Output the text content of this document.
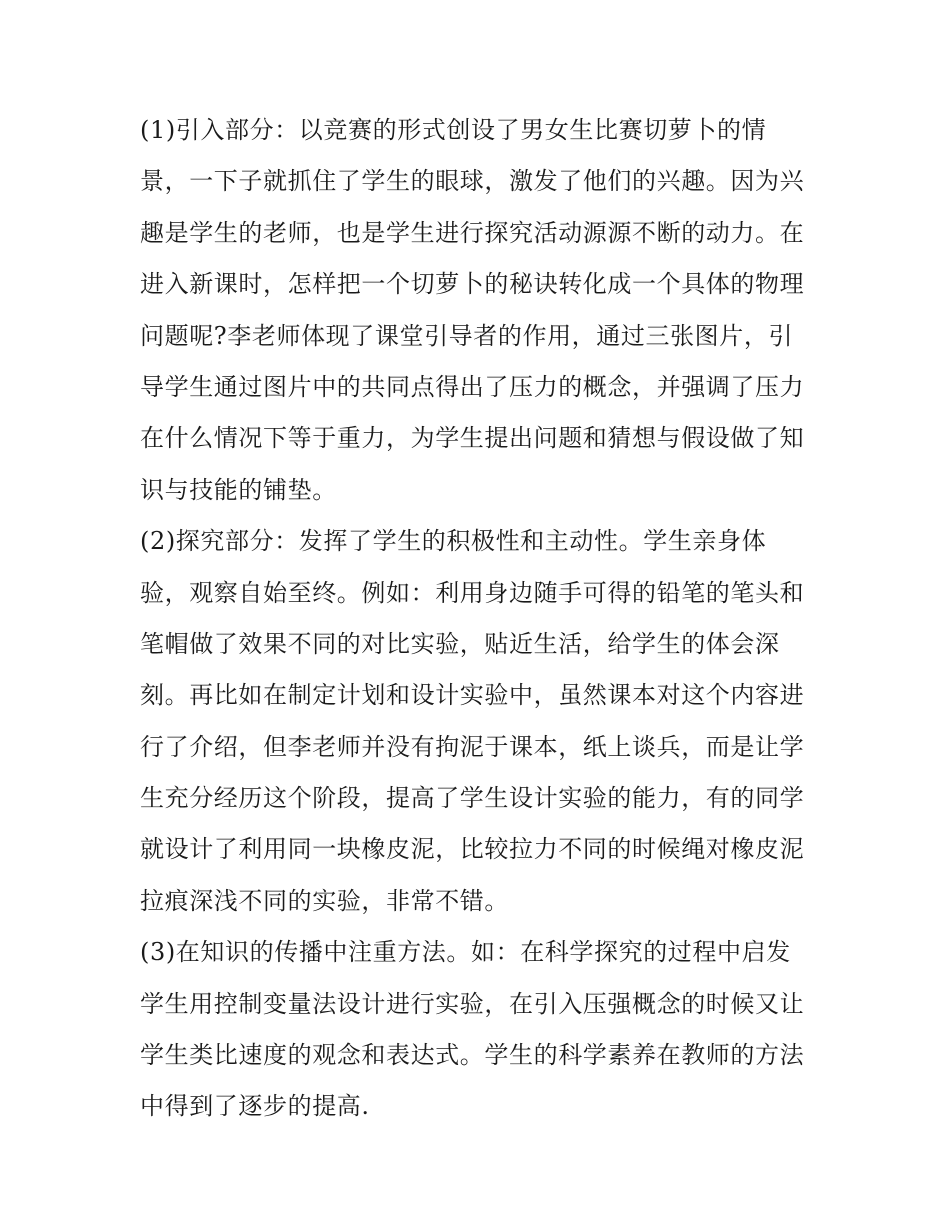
(1)引入部分：以竞赛的形式创设了男女生比赛切萝卜的情
景，一下子就抓住了学生的眼球，激发了他们的兴趣。因为兴
趣是学生的老师，也是学生进行探究活动源源不断的动力。在
进入新课时，怎样把一个切萝卜的秘诀转化成一个具体的物理
问题呢?李老师体现了课堂引导者的作用，通过三张图片，引
导学生通过图片中的共同点得出了压力的概念，并强调了压力
在什么情况下等于重力，为学生提出问题和猜想与假设做了知
识与技能的铺垫。
(2)探究部分：发挥了学生的积极性和主动性。学生亲身体
验，观察自始至终。例如：利用身边随手可得的铅笔的笔头和
笔帽做了效果不同的对比实验，贴近生活，给学生的体会深
刻。再比如在制定计划和设计实验中，虽然课本对这个内容进
行了介绍，但李老师并没有拘泥于课本，纸上谈兵，而是让学
生充分经历这个阶段，提高了学生设计实验的能力，有的同学
就设计了利用同一块橡皮泥，比较拉力不同的时候绳对橡皮泥
拉痕深浅不同的实验，非常不错。
(3)在知识的传播中注重方法。如：在科学探究的过程中启发
学生用控制变量法设计进行实验，在引入压强概念的时候又让
学生类比速度的观念和表达式。学生的科学素养在教师的方法
中得到了逐步的提高.
